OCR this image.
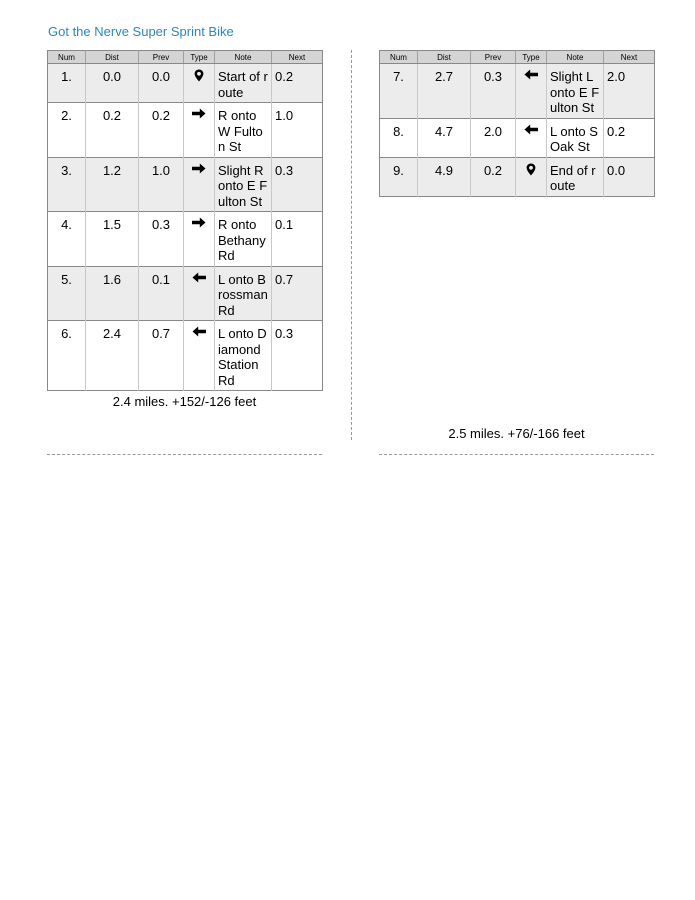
Got the Nerve Super Sprint Bike
Num	Dist	Prev	Type	Note	Next
1.	0.0	0.0		Start of route	0.2
2.	0.2	0.2		R onto W Fulton St	1.0
3.	1.2	1.0		Slight R onto E Fulton St	0.3
4.	1.5	0.3		R onto Bethany Rd	0.1
5.	1.6	0.1		L onto Brossman Rd	0.7
6.	2.4	0.7		L onto Diamond Station Rd	0.3
2.4 miles. +152/-126 feet
Num	Dist	Prev	Type	Note	Next
7.	2.7	0.3		Slight L onto E Fulton St	2.0
8.	4.7	2.0		L onto S Oak St	0.2
9.	4.9	0.2		End of route	0.0
2.5 miles. +76/-166 feet
